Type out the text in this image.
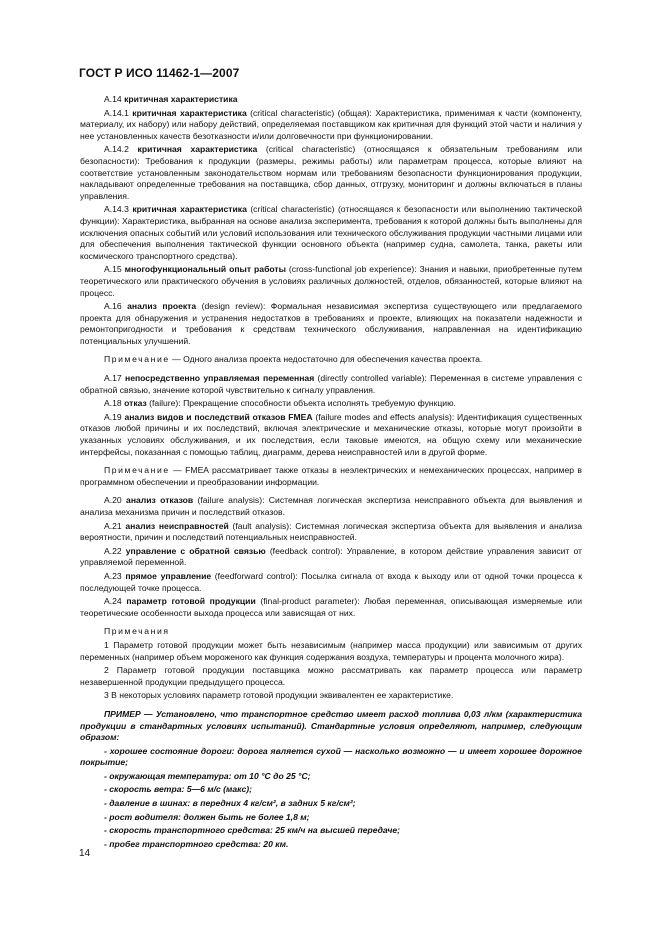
ГОСТ Р ИСО 11462-1—2007

А.14 критичная характеристика

А.14.1 критичная характеристика (critical characteristic) (общая): Характеристика, применимая к части (компоненту, материалу, их набору) или набору действий, определяемая поставщиком как критичная для функций этой части и наличия у нее установленных качеств безотказности и/или долговечности при функционировании.

А.14.2 критичная характеристика (critical characteristic) (относящаяся к обязательным требованиям или безопасности): Требования к продукции (размеры, режимы работы) или параметрам процесса, которые влияют на соответствие установленным законодательством нормам или требованиям безопасности функционирования продукции, накладывают определенные требования на поставщика, сбор данных, отгрузку, мониторинг и должны включаться в планы управления.

А.14.3 критичная характеристика (critical characteristic) (относящаяся к безопасности или выполнению тактической функции): Характеристика, выбранная на основе анализа эксперимента, требования к которой должны быть выполнены для исключения опасных событий или условий использования или технического обслуживания продукции частными лицами или для обеспечения выполнения тактической функции основного объекта (например судна, самолета, танка, ракеты или космического транспортного средства).

А.15 многофункциональный опыт работы (cross-functional job experience): Знания и навыки, приобретенные путем теоретического или практического обучения в условиях различных должностей, отделов, обязанностей, которые влияют на процесс.

А.16 анализ проекта (design review): Формальная независимая экспертиза существующего или предлагаемого проекта для обнаружения и устранения недостатков в требованиях и проекте, влияющих на показатели надежности и ремонтопригодности и требования к средствам технического обслуживания, направленная на идентификацию потенциальных улучшений.

Примечание — Одного анализа проекта недостаточно для обеспечения качества проекта.

А.17 непосредственно управляемая переменная (directly controlled variable): Переменная в системе управления с обратной связью, значение которой чувствительно к сигналу управления.

А.18 отказ (failure): Прекращение способности объекта исполнять требуемую функцию.

А.19 анализ видов и последствий отказов FMEA (failure modes and effects analysis): Идентификация существенных отказов любой причины и их последствий, включая электрические и механические отказы, которые могут произойти в указанных условиях обслуживания, и их последствия, если таковые имеются, на общую схему или механические интерфейсы, показанная с помощью таблиц, диаграмм, дерева неисправностей или в другой форме.

Примечание — FMEA рассматривает также отказы в неэлектрических и немеханических процессах, например в программном обеспечении и преобразовании информации.

А.20 анализ отказов (failure analysis): Системная логическая экспертиза неисправного объекта для выявления и анализа механизма причин и последствий отказов.

А.21 анализ неисправностей (fault analysis): Системная логическая экспертиза объекта для выявления и анализа вероятности, причин и последствий потенциальных неисправностей.

А.22 управление с обратной связью (feedback control): Управление, в котором действие управления зависит от управляемой переменной.

А.23 прямое управление (feedforward control): Посылка сигнала от входа к выходу или от одной точки процесса к последующей точке процесса.

А.24 параметр готовой продукции (final-product parameter): Любая переменная, описывающая измеряемые или теоретические особенности выхода процесса или зависящая от них.

Примечания

1 Параметр готовой продукции может быть независимым (например масса продукции) или зависимым от других переменных (например объем мороженого как функция содержания воздуха, температуры и процента молочного жира).

2 Параметр готовой продукции поставщика можно рассматривать как параметр процесса или параметр незавершенной продукции предыдущего процесса.

3 В некоторых условиях параметр готовой продукции эквивалентен ее характеристике.

ПРИМЕР — Установлено, что транспортное средство имеет расход топлива 0,03 л/км (характеристика продукции в стандартных условиях испытаний). Стандартные условия определяют, например, следующим образом:

- хорошее состояние дороги: дорога является сухой — насколько возможно — и имеет хорошее дорожное покрытие;

- окружающая температура: от 10 °С до 25 °С;

- скорость ветра: 5—6 м/с (макс);

- давление в шинах: в передних 4 кг/см², в задних 5 кг/см²;

- рост водителя: должен быть не более 1,8 м;

- скорость транспортного средства: 25 км/ч на высшей передаче;

- пробег транспортного средства: 20 км.

14
